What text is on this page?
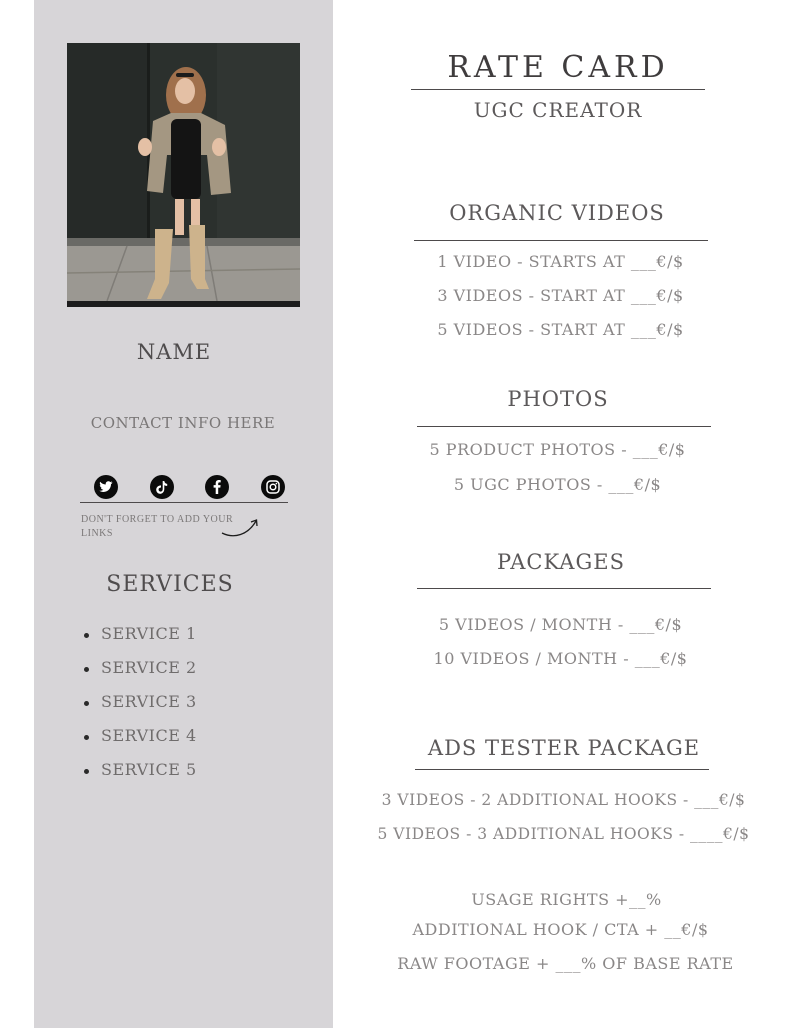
NAME
CONTACT INFO HERE
DON'T FORGET TO ADD YOUR LINKS
SERVICES
SERVICE 1
SERVICE 2
SERVICE 3
SERVICE 4
SERVICE 5
RATE CARD
UGC CREATOR
ORGANIC VIDEOS
1 VIDEO - STARTS AT ___€/$
3 VIDEOS - START AT ___€/$
5 VIDEOS - START AT ___€/$
PHOTOS
5 PRODUCT PHOTOS - ___€/$
5 UGC PHOTOS - ___€/$
PACKAGES
5 VIDEOS / MONTH - ___€/$
10 VIDEOS / MONTH - ___€/$
ADS TESTER PACKAGE
3 VIDEOS - 2 ADDITIONAL HOOKS - ___€/$
5 VIDEOS - 3 ADDITIONAL HOOKS - ____€/$
USAGE RIGHTS +__%
ADDITIONAL HOOK / CTA + __€/$
RAW FOOTAGE + ___% OF BASE RATE
